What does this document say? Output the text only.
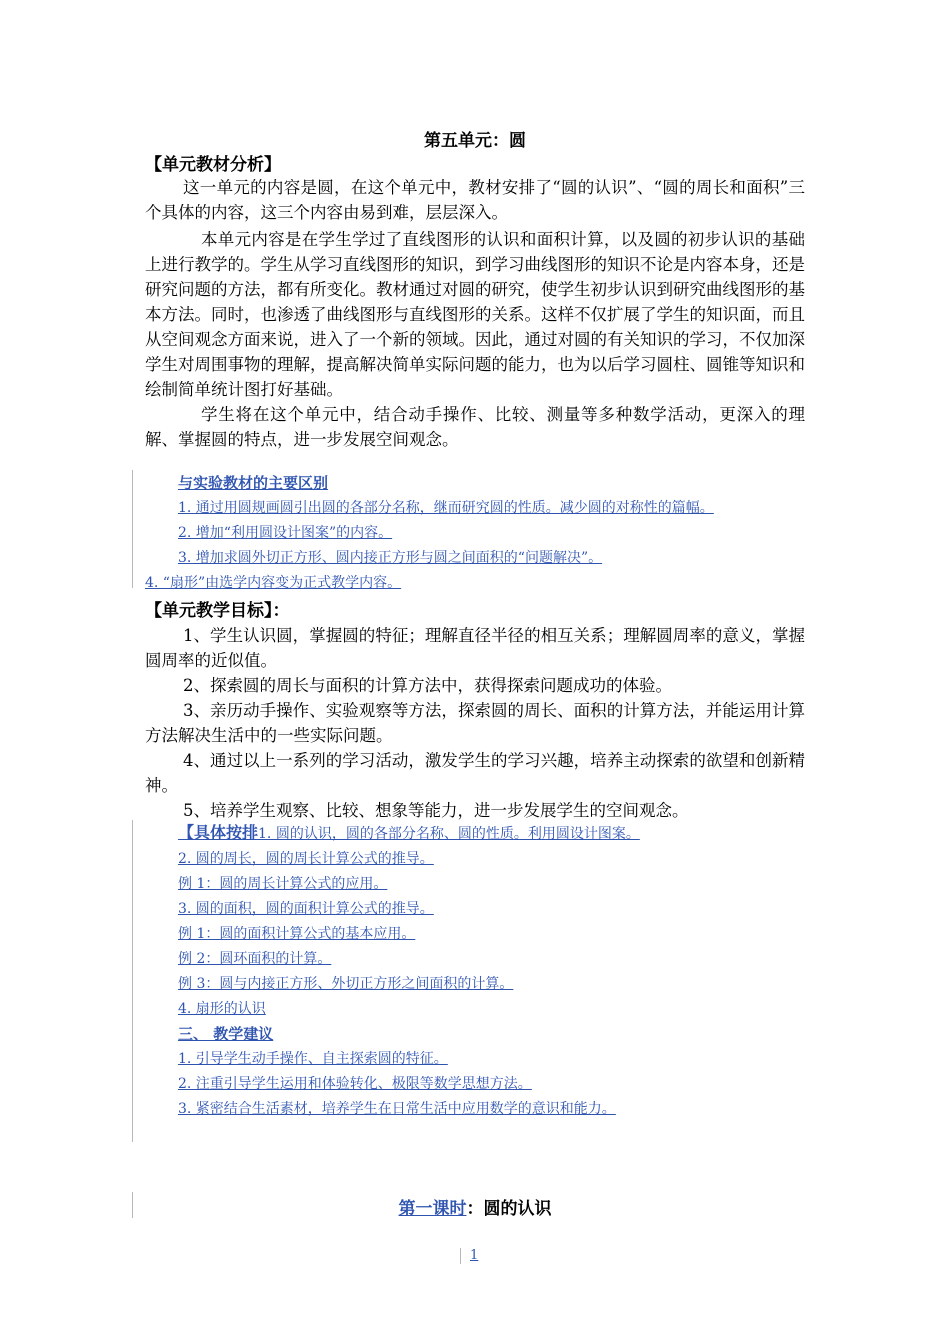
第五单元：圆
【单元教材分析】
这一单元的内容是圆，在这个单元中，教材安排了“圆的认识”、“圆的周长和面积”三个具体的内容，这三个内容由易到难，层层深入。
本单元内容是在学生学过了直线图形的认识和面积计算，以及圆的初步认识的基础上进行教学的。学生从学习直线图形的知识，到学习曲线图形的知识不论是内容本身，还是研究问题的方法，都有所变化。教材通过对圆的研究，使学生初步认识到研究曲线图形的基本方法。同时，也渗透了曲线图形与直线图形的关系。这样不仅扩展了学生的知识面，而且从空间观念方面来说，进入了一个新的领域。因此，通过对圆的有关知识的学习，不仅加深学生对周围事物的理解，提高解决简单实际问题的能力，也为以后学习圆柱、圆锥等知识和绘制简单统计图打好基础。
学生将在这个单元中，结合动手操作、比较、测量等多种数学活动，更深入的理解、掌握圆的特点，进一步发展空间观念。
与实验教材的主要区别
1. 通过用圆规画圆引出圆的各部分名称，继而研究圆的性质。减少圆的对称性的篇幅。
2. 增加“利用圆设计图案”的内容。
3. 增加求圆外切正方形、圆内接正方形与圆之间面积的“问题解决”。
4. “扇形”由选学内容变为正式教学内容。
【单元教学目标】：
1、学生认识圆，掌握圆的特征；理解直径半径的相互关系；理解圆周率的意义，掌握圆周率的近似值。
2、探索圆的周长与面积的计算方法中，获得探索问题成功的体验。
3、亲历动手操作、实验观察等方法，探索圆的周长、面积的计算方法，并能运用计算方法解决生活中的一些实际问题。
4、通过以上一系列的学习活动，激发学生的学习兴趣，培养主动探索的欲望和创新精神。
5、培养学生观察、比较、想象等能力，进一步发展学生的空间观念。
【具体按排1. 圆的认识，圆的各部分名称、圆的性质。利用圆设计图案。
2. 圆的周长，圆的周长计算公式的推导。
例 1：圆的周长计算公式的应用。
3. 圆的面积，圆的面积计算公式的推导。
例 1：圆的面积计算公式的基本应用。
例 2：圆环面积的计算。
例 3：圆与内接正方形、外切正方形之间面积的计算。
4. 扇形的认识
三、 教学建议
1. 引导学生动手操作、自主探索圆的特征。
2. 注重引导学生运用和体验转化、极限等数学思想方法。
3. 紧密结合生活素材，培养学生在日常生活中应用数学的意识和能力。
第一课时：圆的认识
1
